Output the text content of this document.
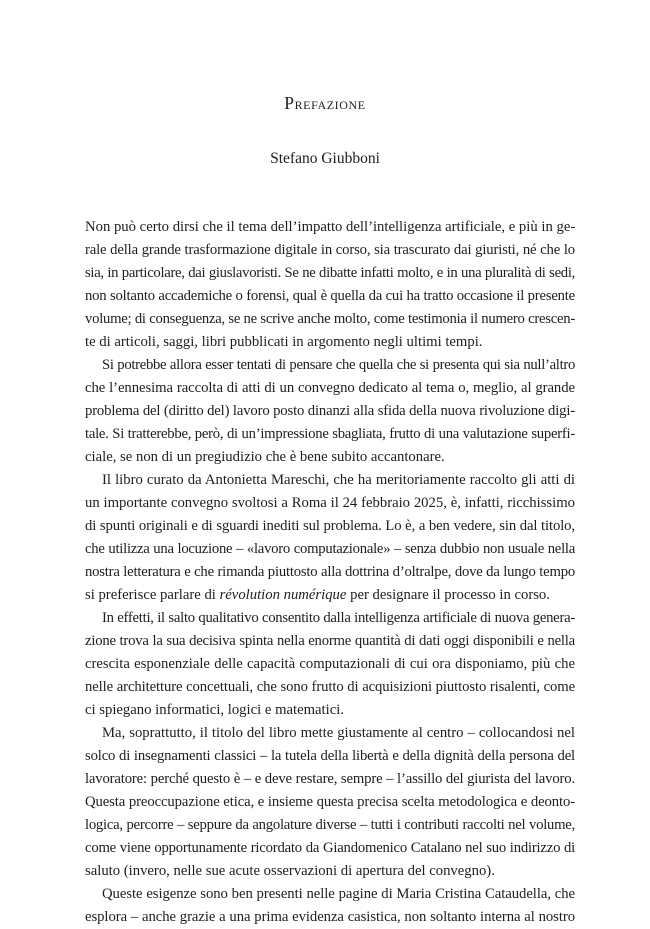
Prefazione
Stefano Giubboni
Non può certo dirsi che il tema dell’impatto dell’intelligenza artificiale, e più in ge-
rale della grande trasformazione digitale in corso, sia trascurato dai giuristi, né che lo
sia, in particolare, dai giuslavoristi. Se ne dibatte infatti molto, e in una pluralità di sedi,
non soltanto accademiche o forensi, qual è quella da cui ha tratto occasione il presente
volume; di conseguenza, se ne scrive anche molto, come testimonia il numero crescen-
te di articoli, saggi, libri pubblicati in argomento negli ultimi tempi.
Si potrebbe allora esser tentati di pensare che quella che si presenta qui sia null’altro
che l’ennesima raccolta di atti di un convegno dedicato al tema o, meglio, al grande
problema del (diritto del) lavoro posto dinanzi alla sfida della nuova rivoluzione digi-
tale. Si tratterebbe, però, di un’impressione sbagliata, frutto di una valutazione superfi-
ciale, se non di un pregiudizio che è bene subito accantonare.
Il libro curato da Antonietta Mareschi, che ha meritoriamente raccolto gli atti di
un importante convegno svoltosi a Roma il 24 febbraio 2025, è, infatti, ricchissimo
di spunti originali e di sguardi inediti sul problema. Lo è, a ben vedere, sin dal titolo,
che utilizza una locuzione – «lavoro computazionale» – senza dubbio non usuale nella
nostra letteratura e che rimanda piuttosto alla dottrina d’oltralpe, dove da lungo tempo
si preferisce parlare di révolution numérique per designare il processo in corso.
In effetti, il salto qualitativo consentito dalla intelligenza artificiale di nuova genera-
zione trova la sua decisiva spinta nella enorme quantità di dati oggi disponibili e nella
crescita esponenziale delle capacità computazionali di cui ora disponiamo, più che
nelle architetture concettuali, che sono frutto di acquisizioni piuttosto risalenti, come
ci spiegano informatici, logici e matematici.
Ma, soprattutto, il titolo del libro mette giustamente al centro – collocandosi nel
solco di insegnamenti classici – la tutela della libertà e della dignità della persona del
lavoratore: perché questo è – e deve restare, sempre – l’assillo del giurista del lavoro.
Questa preoccupazione etica, e insieme questa precisa scelta metodologica e deonto-
logica, percorre – seppure da angolature diverse – tutti i contributi raccolti nel volume,
come viene opportunamente ricordato da Giandomenico Catalano nel suo indirizzo di
saluto (invero, nelle sue acute osservazioni di apertura del convegno).
Queste esigenze sono ben presenti nelle pagine di Maria Cristina Cataudella, che
esplora – anche grazie a una prima evidenza casistica, non soltanto interna al nostro
